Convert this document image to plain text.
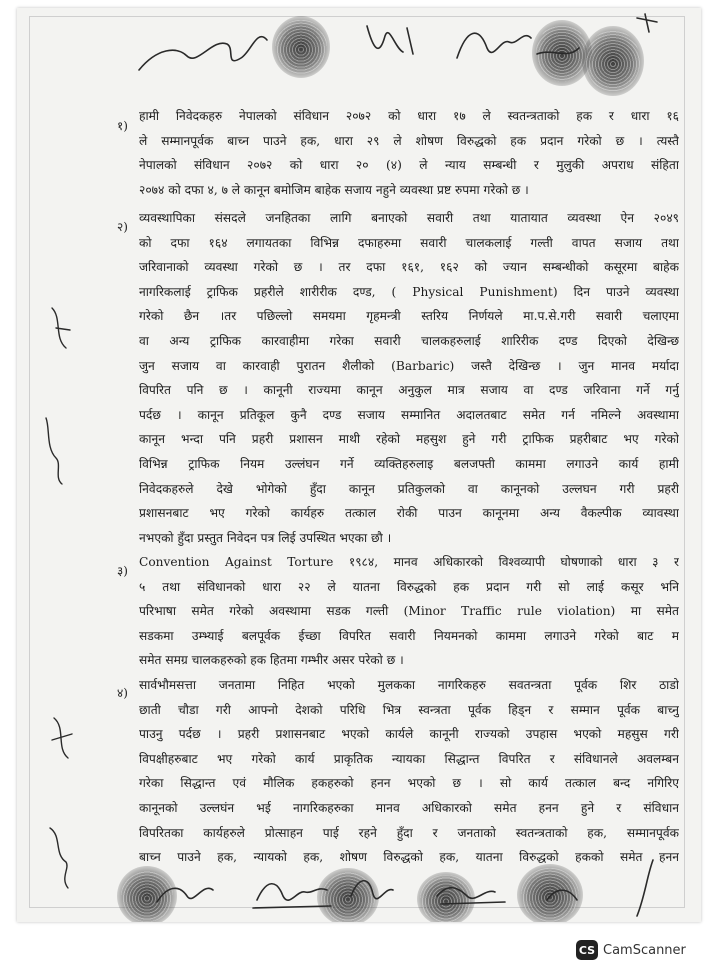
१)
हामी निवेदकहरु नेपालको संविधान २०७२ को धारा १७ ले स्वतन्त्रताको हक र धारा १६
ले सम्मानपूर्वक बाच्न पाउने हक, धारा २९ ले शोषण विरुद्धको हक प्रदान गरेको छ । त्यस्तै
नेपालको संविधान २०७२ को धारा २० (४) ले न्याय सम्बन्धी र मुलुकी अपराध संहिता
२०७४ को दफा ४, ७ ले कानून बमोजिम बाहेक सजाय नहुने व्यवस्था प्रष्ट रुपमा गरेको छ ।
२)
व्यवस्थापिका संसदले जनहितका लागि बनाएको सवारी तथा यातायात व्यवस्था ऐन २०४९
को दफा १६४ लगायतका विभिन्न दफाहरुमा सवारी चालकलाई गल्ती वापत सजाय तथा
जरिवानाको व्यवस्था गरेको छ । तर दफा १६१, १६२ को ज्यान सम्बन्धीको कसूरमा बाहेक
नागरिकलाई ट्राफिक प्रहरीले शारीरीक दण्ड, ( Physical Punishment) दिन पाउने व्यवस्था
गरेको छैन ।तर पछिल्लो समयमा गृहमन्त्री स्तरिय निर्णयले मा.प.से.गरी सवारी चलाएमा
वा अन्य ट्राफिक कारवाहीमा गरेका सवारी चालकहरुलाई शारिरीक दण्ड दिएको देखिन्छ
जुन सजाय वा कारवाही पुरातन शैलीको (Barbaric) जस्तै देखिन्छ । जुन मानव मर्यादा
विपरित पनि छ । कानूनी राज्यमा कानून अनुकुल मात्र सजाय वा दण्ड जरिवाना गर्ने गर्नु
पर्दछ । कानून प्रतिकूल कुनै दण्ड सजाय सम्मानित अदालतबाट समेत गर्न नमिल्ने अवस्थामा
कानून भन्दा पनि प्रहरी प्रशासन माथी रहेको महसुश हुने गरी ट्राफिक प्रहरीबाट भए गरेको
विभिन्न ट्राफिक नियम उल्लंघन गर्ने व्यक्तिहरुलाइ बलजफ्ती काममा लगाउने कार्य हामी
निवेदकहरुले देखे भोगेको हुँदा कानून प्रतिकुलको वा कानूनको उल्लघन गरी प्रहरी
प्रशासनबाट भए गरेको कार्यहरु तत्काल रोकी पाउन कानूनमा अन्य वैकल्पीक व्यावस्था
नभएको हुँदा प्रस्तुत निवेदन पत्र लिई उपस्थित भएका छौ ।
३)
Convention Against Torture १९८४, मानव अधिकारको विश्वव्यापी घोषणाको धारा ३ र
५ तथा संविधानको धारा २२ ले यातना विरुद्धको हक प्रदान गरी सो लाई कसूर भनि
परिभाषा समेत गरेको अवस्थामा सडक गल्ती (Minor Traffic rule violation) मा समेत
सडकमा उम्भ्याई बलपूर्वक ईच्छा विपरित सवारी नियमनको काममा लगाउने गरेको बाट म
समेत समग्र चालकहरुको हक हितमा गम्भीर असर परेको छ ।
४)
सार्वभौमसत्ता जनतामा निहित भएको मुलकका नागरिकहरु सवतन्त्रता पूर्वक शिर ठाडो
छाती चौडा गरी आफ्नो देशको परिधि भित्र स्वन्त्रता पूर्वक हिड्न र सम्मान पूर्वक बाच्नु
पाउनु पर्दछ । प्रहरी प्रशासनबाट भएको कार्यले कानूनी राज्यको उपहास भएको महसुस गरी
विपक्षीहरुबाट भए गरेको कार्य प्राकृतिक न्यायका सिद्धान्त विपरित र संविधानले अवलम्बन
गरेका सिद्धान्त एवं मौलिक हकहरुको हनन भएको छ । सो कार्य तत्काल बन्द नगिरिए
कानूनको उल्लघंन भई नागरिकहरुका मानव अधिकारको समेत हनन हुने र संविधान
विपरितका कार्यहरुले प्रोत्साहन पाई रहने हुँदा र जनताको स्वतन्त्रताको हक, सम्मानपूर्वक
बाच्न पाउने हक, न्यायको हक, शोषण विरुद्धको हक, यातना विरुद्धको हकको समेत हनन
CS CamScanner
